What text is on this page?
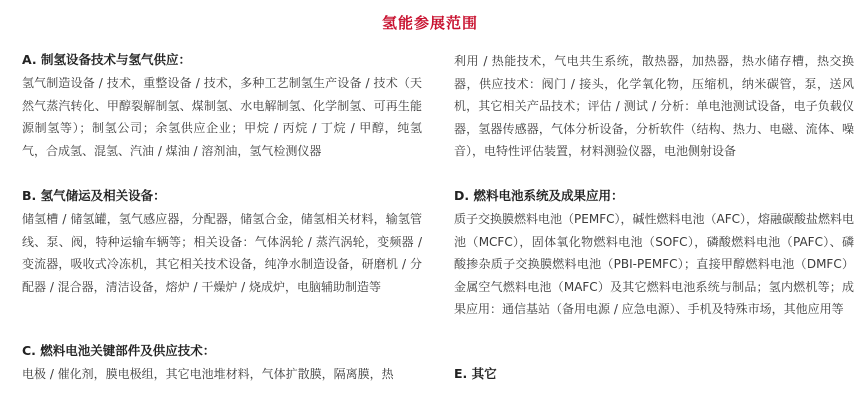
氢能参展范围
A. 制氢设备技术与氢气供应：

氢气制造设备 / 技术，重整设备 / 技术，多种工艺制氢生产设备 / 技术（天然气蒸汽转化、甲醇裂解制氢、煤制氢、水电解制氢、化学制氢、可再生能源制氢等）；制氢公司；余氢供应企业；甲烷 / 丙烷 / 丁烷 / 甲醇，纯氢气，合成氢、混氢、汽油 / 煤油 / 溶剂油，氢气检测仪器

B. 氢气储运及相关设备：

储氢槽 / 储氢罐，氢气感应器，分配器，储氢合金，储氢相关材料，输氢管线、泵、阀，特种运输车辆等；相关设备：气体涡轮 / 蒸汽涡轮，变频器 / 变流器，吸收式冷冻机，其它相关技术设备，纯净水制造设备，研磨机 / 分配器 / 混合器，清洁设备，熔炉 / 干燥炉 / 烧成炉，电脑辅助制造等

C. 燃料电池关键部件及供应技术：

电极 / 催化剂，膜电极组，其它电池堆材料，气体扩散膜，隔离膜，热

利用 / 热能技术，气电共生系统，散热器，加热器，热水储存槽，热交换器，供应技术：阀门 / 接头，化学氧化物，压缩机，纳米碳管，泵，送风机，其它相关产品技术；评估 / 测试 / 分析：单电池测试设备，电子负载仪器，氢器传感器，气体分析设备，分析软件（结构、热力、电磁、流体、噪音），电特性评估装置，材料测验仪器，电池侧射设备

D. 燃料电池系统及成果应用：

质子交换膜燃料电池（PEMFC），碱性燃料电池（AFC），熔融碳酸盐燃料电池（MCFC），固体氧化物燃料电池（SOFC），磷酸燃料电池（PAFC）、磷酸掺杂质子交换膜燃料电池（PBI-PEMFC）；直接甲醇燃料电池（DMFC）金属空气燃料电池（MAFC）及其它燃料电池系统与制品；氢内燃机等；成果应用：通信基站（备用电源 / 应急电源）、手机及特殊市场，其他应用等

E. 其它
